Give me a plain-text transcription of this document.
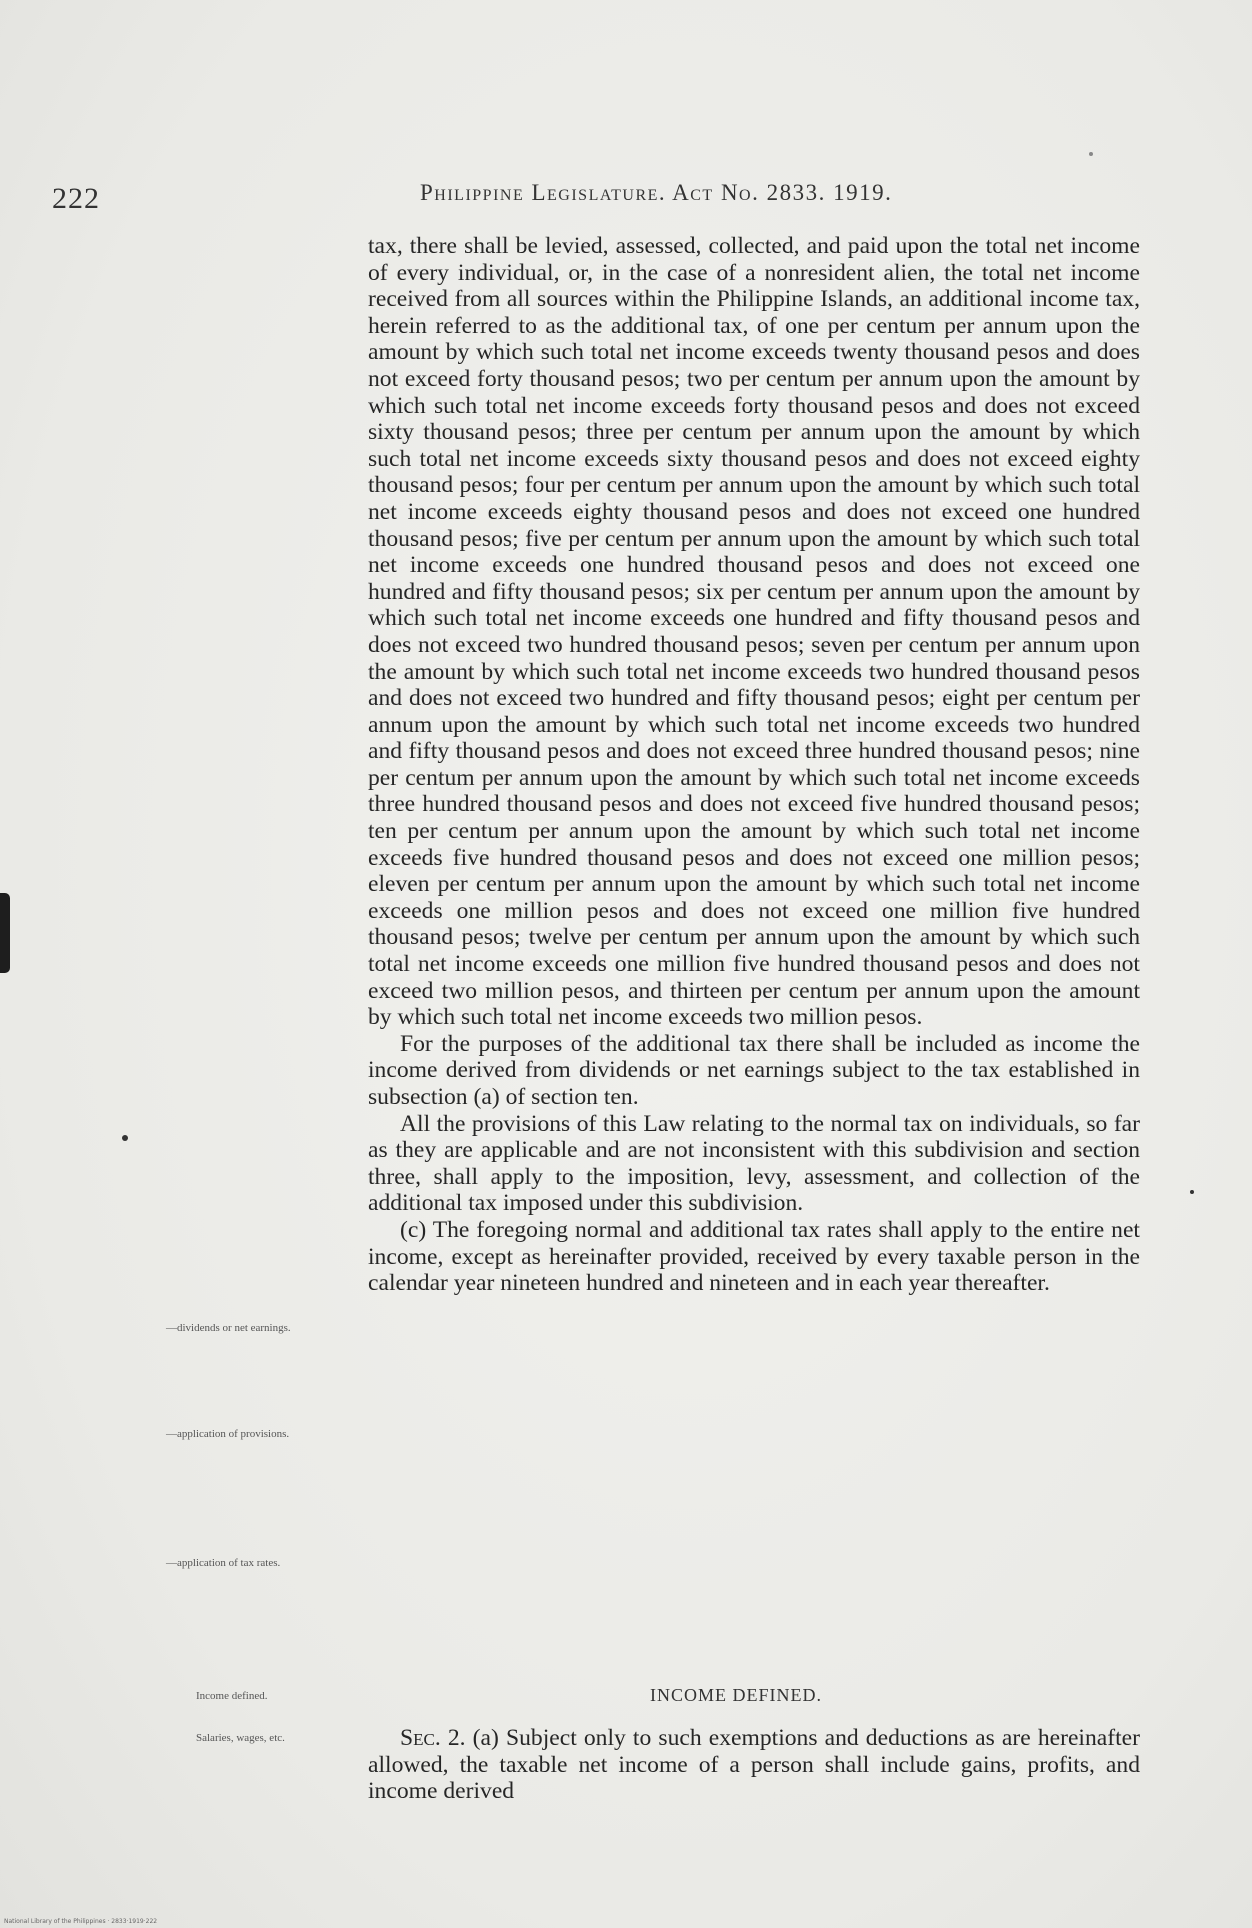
222	Philippine Legislature. Act No. 2833. 1919.

tax, there shall be levied, assessed, collected, and paid upon the total net income of every individual, or, in the case of a nonresident alien, the total net income received from all sources within the Philippine Islands, an additional income tax, herein referred to as the additional tax, of one per centum per annum upon the amount by which such total net income exceeds twenty thousand pesos and does not exceed forty thousand pesos; two per centum per annum upon the amount by which such total net income exceeds forty thousand pesos and does not exceed sixty thousand pesos; three per centum per annum upon the amount by which such total net income exceeds sixty thousand pesos and does not exceed eighty thousand pesos; four per centum per annum upon the amount by which such total net income exceeds eighty thousand pesos and does not exceed one hundred thousand pesos; five per centum per annum upon the amount by which such total net income exceeds one hundred thousand pesos and does not exceed one hundred and fifty thousand pesos; six per centum per annum upon the amount by which such total net income exceeds one hundred and fifty thousand pesos and does not exceed two hundred thousand pesos; seven per centum per annum upon the amount by which such total net income exceeds two hundred thousand pesos and does not exceed two hundred and fifty thousand pesos; eight per centum per annum upon the amount by which such total net income exceeds two hundred and fifty thousand pesos and does not exceed three hundred thousand pesos; nine per centum per annum upon the amount by which such total net income exceeds three hundred thousand pesos and does not exceed five hundred thousand pesos; ten per centum per annum upon the amount by which such total net income exceeds five hundred thousand pesos and does not exceed one million pesos; eleven per centum per annum upon the amount by which such total net income exceeds one million pesos and does not exceed one million five hundred thousand pesos; twelve per centum per annum upon the amount by which such total net income exceeds one million five hundred thousand pesos and does not exceed two million pesos, and thirteen per centum per annum upon the amount by which such total net income exceeds two million pesos.

For the purposes of the additional tax there shall be included as income the income derived from dividends or net earnings subject to the tax established in subsection (a) of section ten.

All the provisions of this Law relating to the normal tax on individuals, so far as they are applicable and are not inconsistent with this subdivision and section three, shall apply to the imposition, levy, assessment, and collection of the additional tax imposed under this subdivision.

(c) The foregoing normal and additional tax rates shall apply to the entire net income, except as hereinafter provided, received by every taxable person in the calendar year nineteen hundred and nineteen and in each year thereafter.

—dividends or net earnings.
—application of provisions.
—application of tax rates.
Income defined.
Salaries, wages, etc.
INCOME DEFINED.

Sec. 2. (a) Subject only to such exemptions and deductions as are hereinafter allowed, the taxable net income of a person shall include gains, profits, and income derived

National Library of the Philippines · 2833·1919·222
